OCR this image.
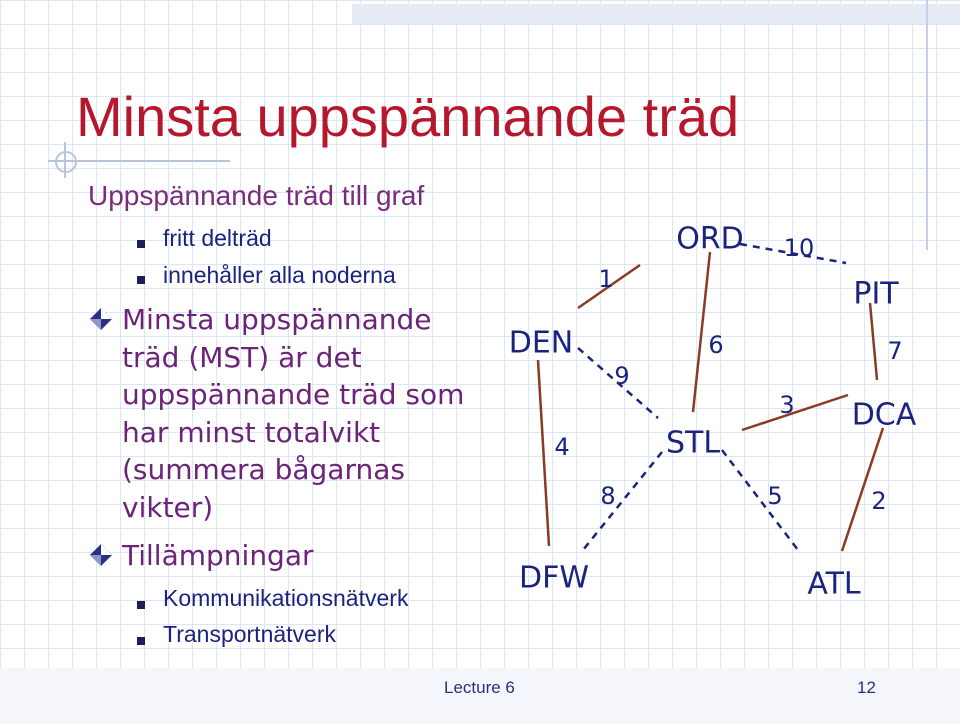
Minsta uppspännande träd
Uppspännande träd till graf
fritt delträd
innehåller alla noderna
Minsta uppspännande
träd (MST) är det
uppspännande träd som
har minst totalvikt
(summera bågarnas
vikter)
Tillämpningar
Kommunikationsnätverk
Transportnätverk
1
10
6	7
9
3
4
8	5	2
ORD
PIT
DEN
STL
DCA
DFW	ATL
Lecture 6	12
